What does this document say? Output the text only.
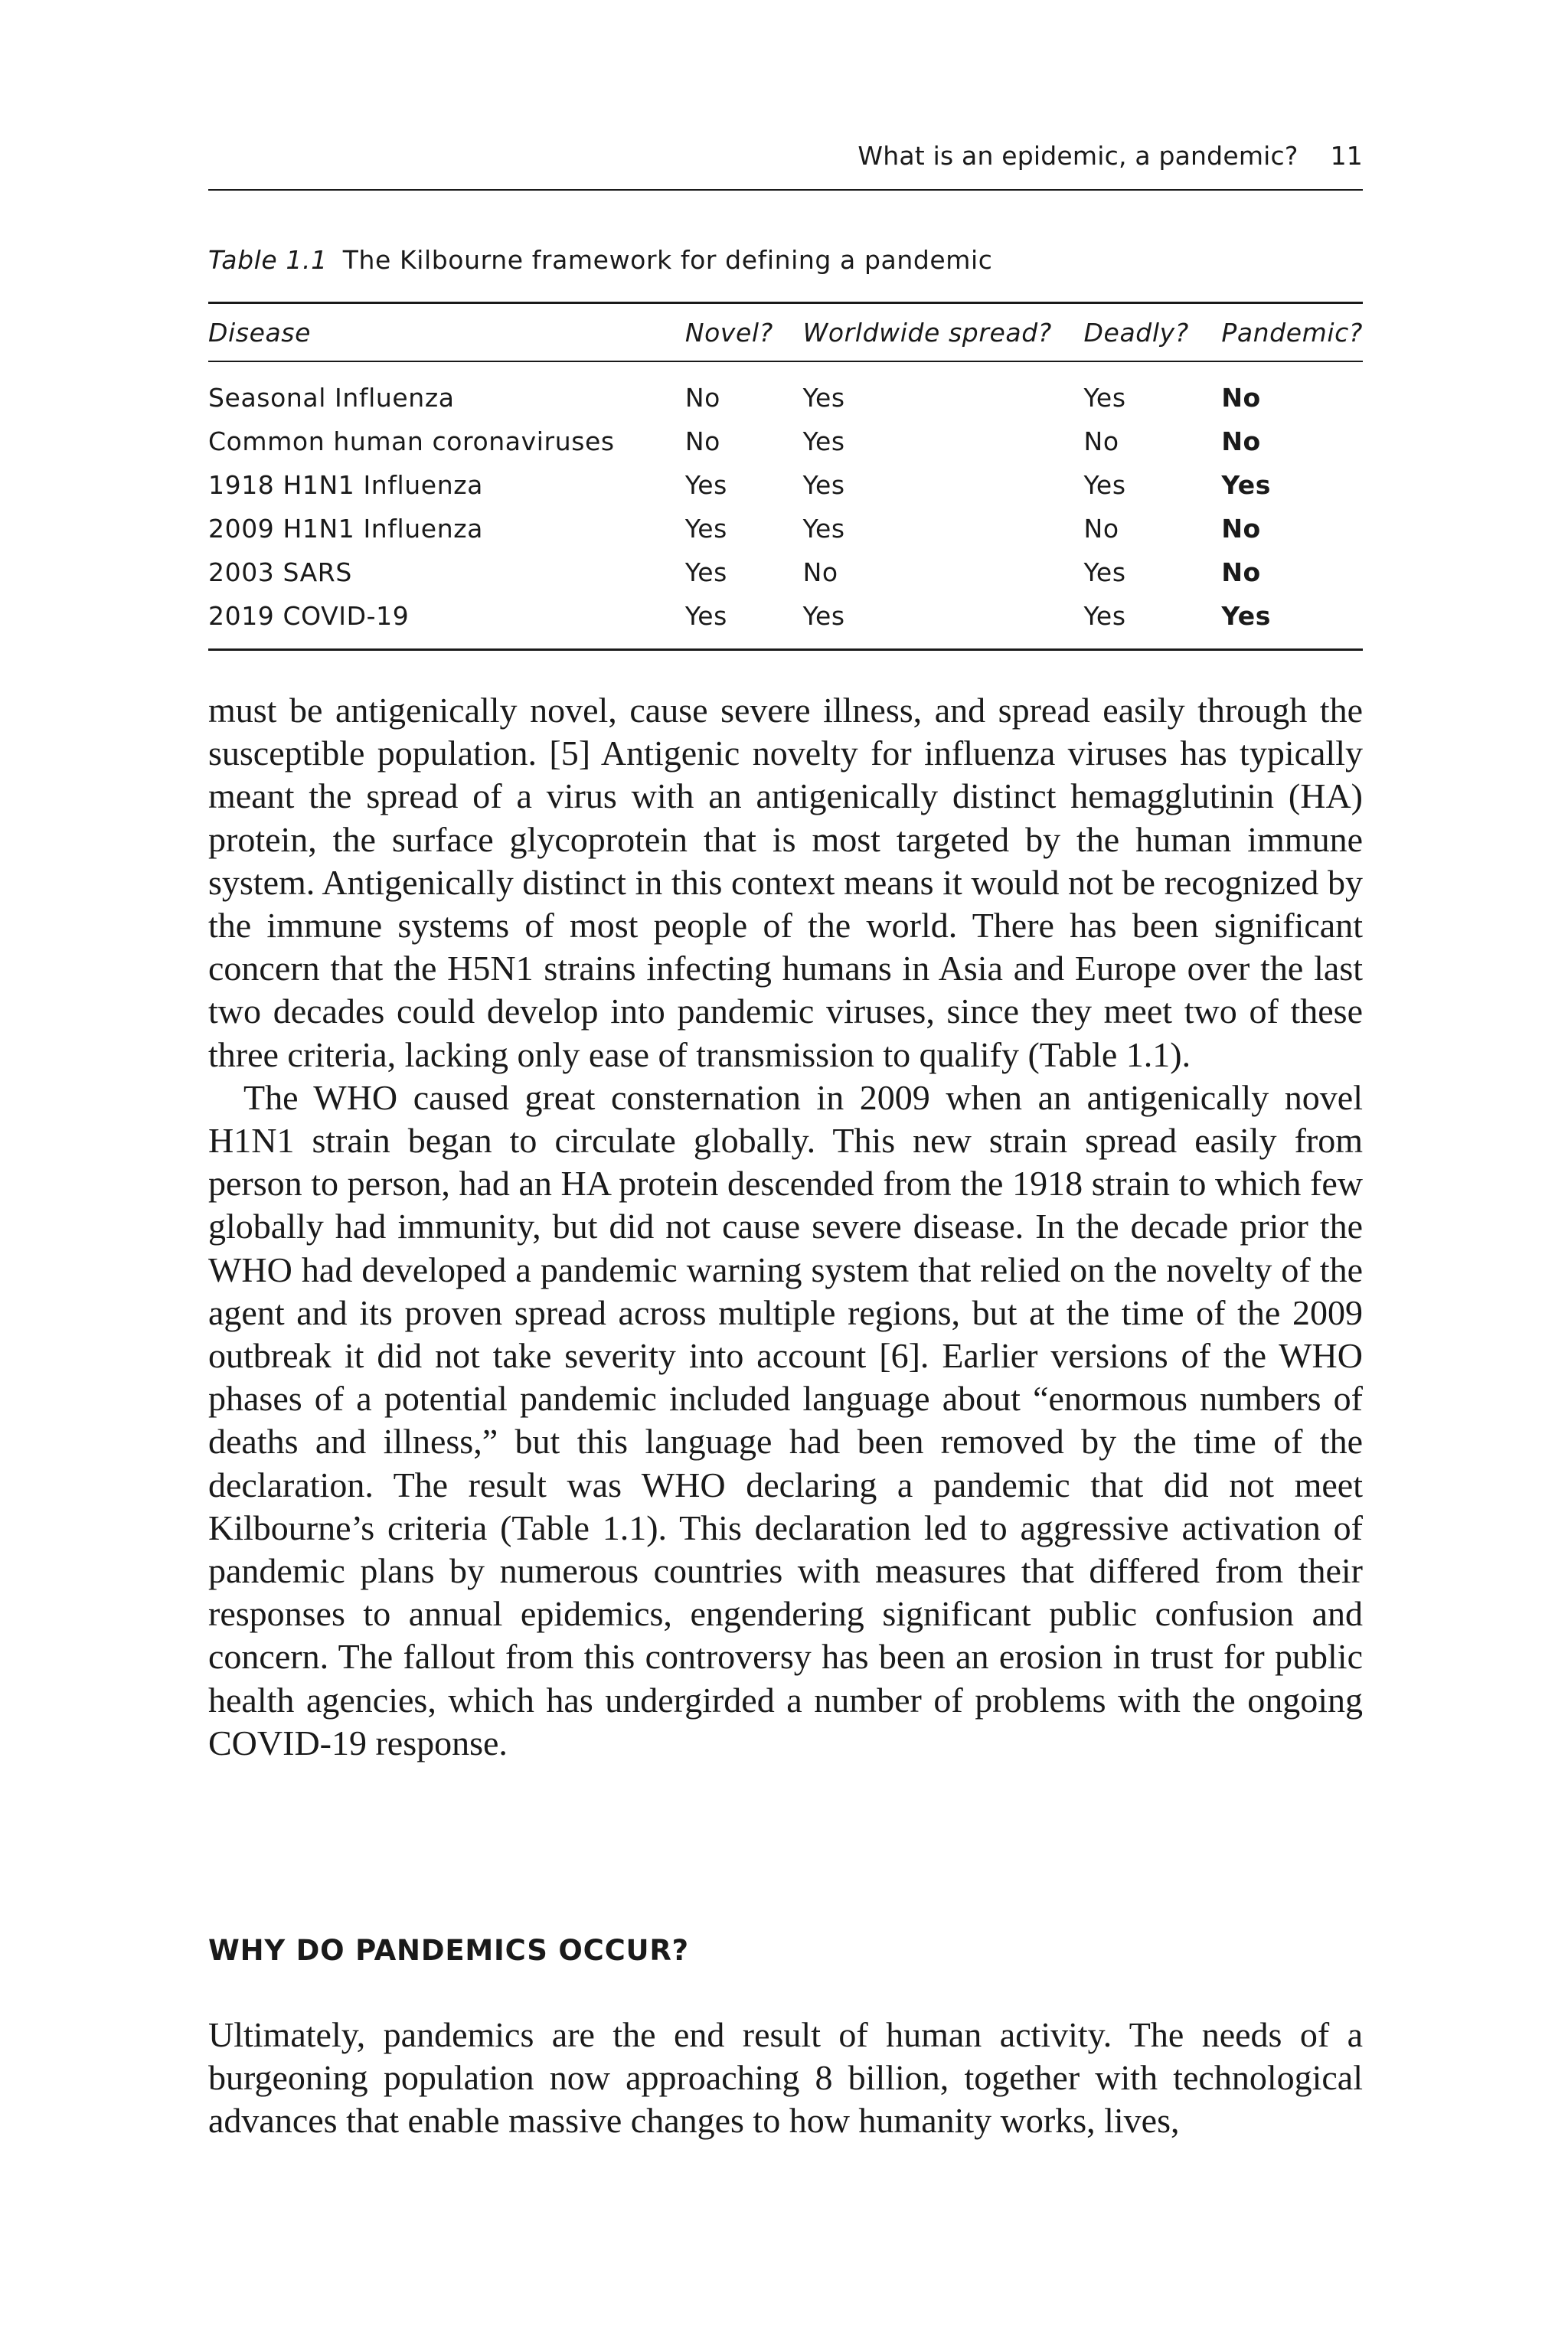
What is an epidemic, a pandemic? 11
Table 1.1 The Kilbourne framework for defining a pandemic
Disease	Novel?	Worldwide spread?	Deadly?	Pandemic?
Seasonal Influenza	No	Yes	Yes	No
Common human coronaviruses	No	Yes	No	No
1918 H1N1 Influenza	Yes	Yes	Yes	Yes
2009 H1N1 Influenza	Yes	Yes	No	No
2003 SARS	Yes	No	Yes	No
2019 COVID-19	Yes	Yes	Yes	Yes

must be antigenically novel, cause severe illness, and spread easily through the susceptible population. [5] Antigenic novelty for influenza viruses has typically meant the spread of a virus with an antigenically distinct hemagglutinin (HA) protein, the surface glycoprotein that is most targeted by the human immune system. Antigenically distinct in this context means it would not be recognized by the immune systems of most people of the world. There has been significant concern that the H5N1 strains infecting humans in Asia and Europe over the last two decades could develop into pandemic viruses, since they meet two of these three criteria, lacking only ease of transmission to qualify (Table 1.1).

The WHO caused great consternation in 2009 when an antigenically novel H1N1 strain began to circulate globally. This new strain spread easily from person to person, had an HA protein descended from the 1918 strain to which few globally had immunity, but did not cause severe disease. In the decade prior the WHO had developed a pandemic warning system that relied on the novelty of the agent and its proven spread across multiple regions, but at the time of the 2009 outbreak it did not take severity into account [6]. Earlier versions of the WHO phases of a potential pandemic included language about “enormous numbers of deaths and illness,” but this language had been removed by the time of the declaration. The result was WHO declaring a pandemic that did not meet Kilbourne’s criteria (Table 1.1). This declaration led to aggressive activation of pandemic plans by numerous countries with measures that differed from their responses to annual epidemics, engendering significant public confusion and concern. The fallout from this controversy has been an erosion in trust for public health agencies, which has undergirded a number of problems with the ongoing COVID-19 response.

WHY DO PANDEMICS OCCUR?

Ultimately, pandemics are the end result of human activity. The needs of a burgeoning population now approaching 8 billion, together with technological advances that enable massive changes to how humanity works, lives,
